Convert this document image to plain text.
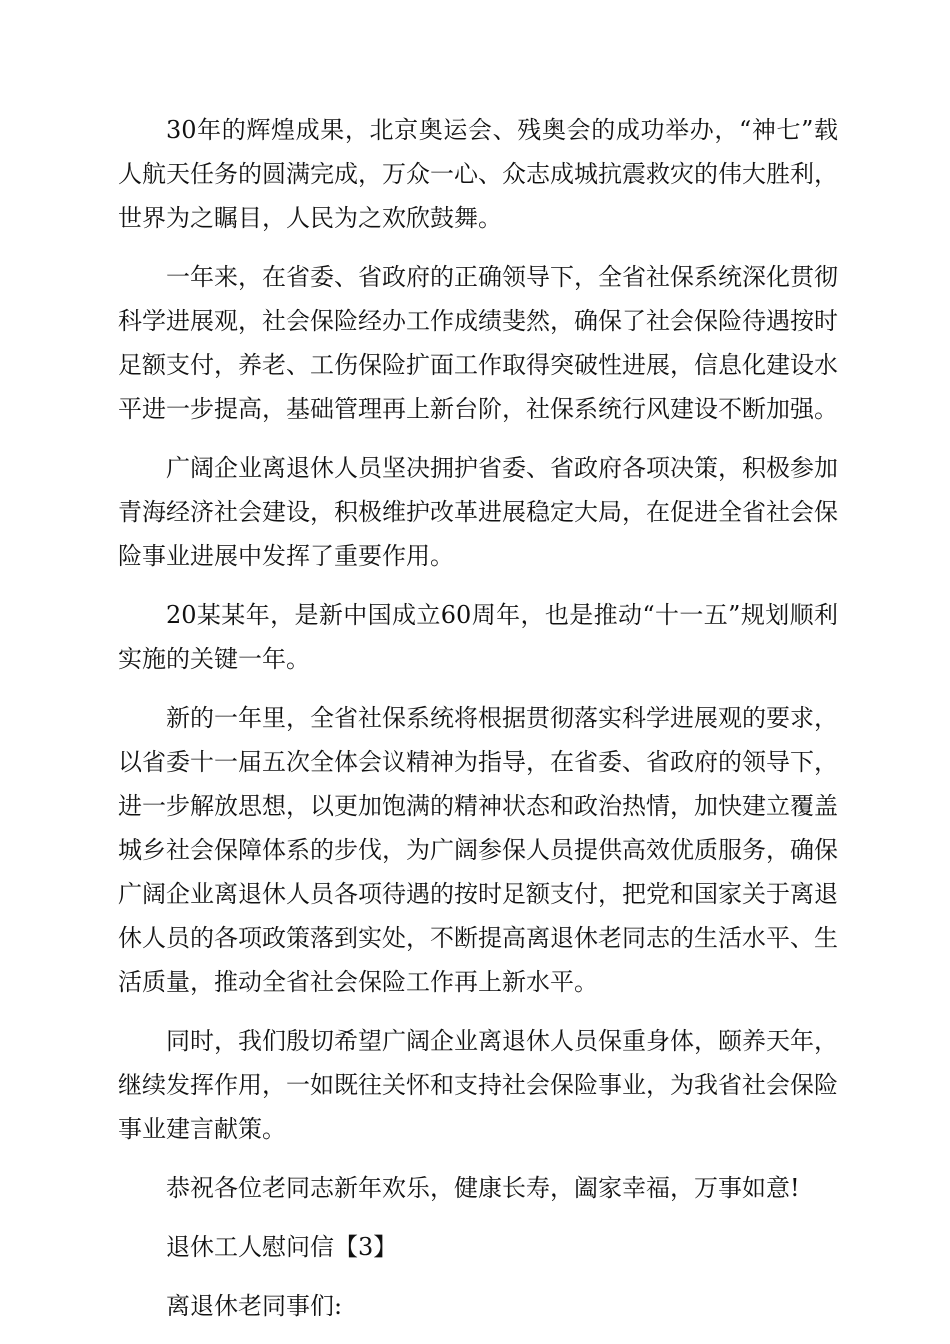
30年的辉煌成果，北京奥运会、残奥会的成功举办，“神七”载人航天任务的圆满完成，万众一心、众志成城抗震救灾的伟大胜利，世界为之瞩目，人民为之欢欣鼓舞。

一年来，在省委、省政府的正确领导下，全省社保系统深化贯彻科学进展观，社会保险经办工作成绩斐然，确保了社会保险待遇按时足额支付，养老、工伤保险扩面工作取得突破性进展，信息化建设水平进一步提高，基础管理再上新台阶，社保系统行风建设不断加强。

广阔企业离退休人员坚决拥护省委、省政府各项决策，积极参加青海经济社会建设，积极维护改革进展稳定大局，在促进全省社会保险事业进展中发挥了重要作用。

20某某年，是新中国成立60周年，也是推动“十一五”规划顺利实施的关键一年。

新的一年里，全省社保系统将根据贯彻落实科学进展观的要求，以省委十一届五次全体会议精神为指导，在省委、省政府的领导下，进一步解放思想，以更加饱满的精神状态和政治热情，加快建立覆盖城乡社会保障体系的步伐，为广阔参保人员提供高效优质服务，确保广阔企业离退休人员各项待遇的按时足额支付，把党和国家关于离退休人员的各项政策落到实处，不断提高离退休老同志的生活水平、生活质量，推动全省社会保险工作再上新水平。

同时，我们殷切希望广阔企业离退休人员保重身体，颐养天年，继续发挥作用，一如既往关怀和支持社会保险事业，为我省社会保险事业建言献策。

恭祝各位老同志新年欢乐，健康长寿，阖家幸福，万事如意!

退休工人慰问信【3】

离退休老同事们:
